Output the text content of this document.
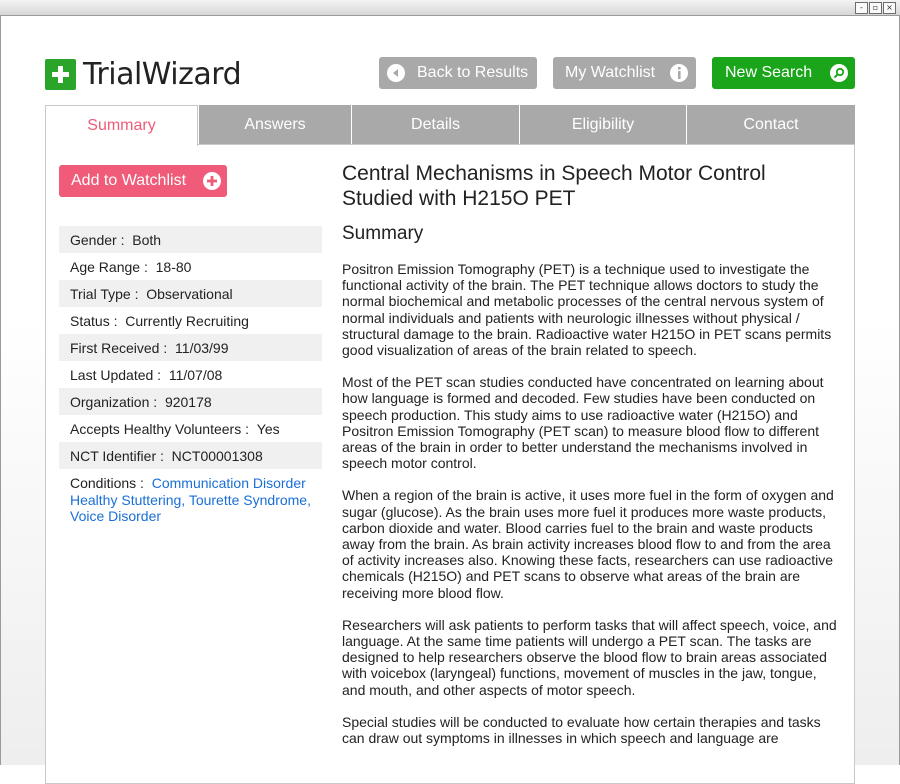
-	▫ ×
TrialWizard	Back to Results My Watchlist	New Search
Summary	Answers	Details	Eligibility	Contact
Add to Watchlist
Gender :
Both
Age Range :
18-80
Trial Type :
Observational
Status :
Currently Recruiting
First Received :
11/03/99
Last Updated :
11/07/08
Organization :
920178
Accepts Healthy Volunteers :
Yes
NCT Identifier :
NCT00001308
Conditions : Communication Disorder
Healthy Stuttering, Tourette Syndrome,
Voice Disorder
Central Mechanisms in Speech Motor Control
Studied with H215O PET
Summary

Positron Emission Tomography (PET) is a technique used to investigate the functional activity of the brain. The PET technique allows doctors to study the normal biochemical and metabolic processes of the central nervous system of normal individuals and patients with neurologic illnesses without physical / structural damage to the brain. Radioactive water H215O in PET scans permits good visualization of areas of the brain related to speech.

Most of the PET scan studies conducted have concentrated on learning about how language is formed and decoded. Few studies have been conducted on speech production. This study aims to use radioactive water (H215O) and Positron Emission Tomography (PET scan) to measure blood flow to different areas of the brain in order to better understand the mechanisms involved in speech motor control.

When a region of the brain is active, it uses more fuel in the form of oxygen and sugar (glucose). As the brain uses more fuel it produces more waste products, carbon dioxide and water. Blood carries fuel to the brain and waste products away from the brain. As brain activity increases blood flow to and from the area of activity increases also. Knowing these facts, researchers can use radioactive chemicals (H215O) and PET scans to observe what areas of the brain are receiving more blood flow.

Researchers will ask patients to perform tasks that will affect speech, voice, and language. At the same time patients will undergo a PET scan. The tasks are designed to help researchers observe the blood flow to brain areas associated with voicebox (laryngeal) functions, movement of muscles in the jaw, tongue, and mouth, and other aspects of motor speech.

Special studies will be conducted to evaluate how certain therapies and tasks can draw out symptoms in illnesses in which speech and language are
